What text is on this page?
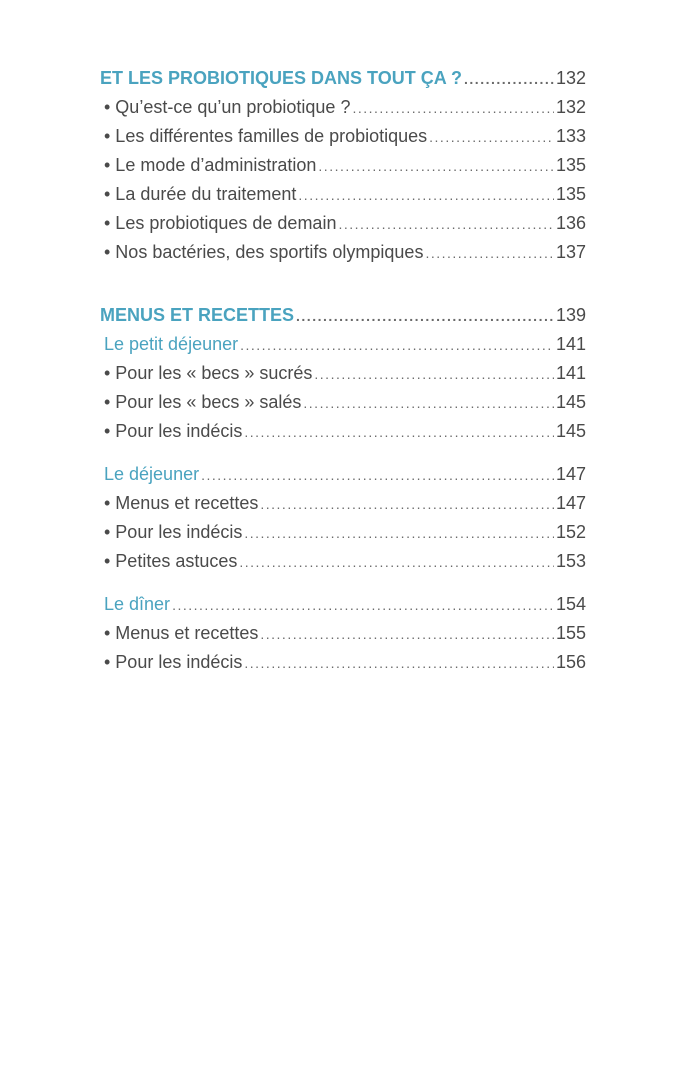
ET LES PROBIOTIQUES DANS TOUT ÇA ? .....	132
• Qu’est-ce qu’un probiotique ? .....	132
• Les différentes familles de probiotiques .....	133
• Le mode d’administration .....	135
• La durée du traitement .....	135
• Les probiotiques de demain .....	136
• Nos bactéries, des sportifs olympiques .....	137
MENUS ET RECETTES .....	139
Le petit déjeuner .....	141
• Pour les « becs » sucrés .....	141
• Pour les « becs » salés .....	145
• Pour les indécis .....	145
Le déjeuner .....	147
• Menus et recettes .....	147
• Pour les indécis .....	152
• Petites astuces .....	153
Le dîner .....	154
• Menus et recettes .....	155
• Pour les indécis .....	156
